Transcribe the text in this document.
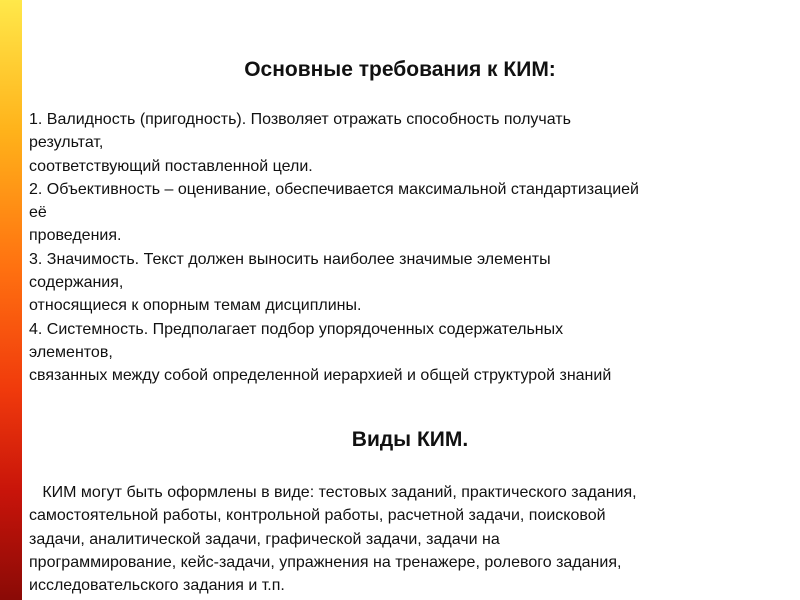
Основные требования к КИМ:
1. Валидность (пригодность). Позволяет отражать способность получать
результат,
соответствующий поставленной цели.
2. Объективность – оценивание, обеспечивается максимальной стандартизацией
её
проведения.
3. Значимость. Текст должен выносить наиболее значимые элементы
содержания,
относящиеся к опорным темам дисциплины.
4. Системность. Предполагает подбор упорядоченных содержательных
элементов,
связанных между собой определенной иерархией и общей структурой знаний
Виды КИМ.
КИМ могут быть оформлены в виде: тестовых заданий, практического задания,
самостоятельной работы, контрольной работы, расчетной задачи, поисковой
задачи, аналитической задачи, графической задачи, задачи на
программирование, кейс-задачи, упражнения на тренажере, ролевого задания,
исследовательского задания и т.п.
